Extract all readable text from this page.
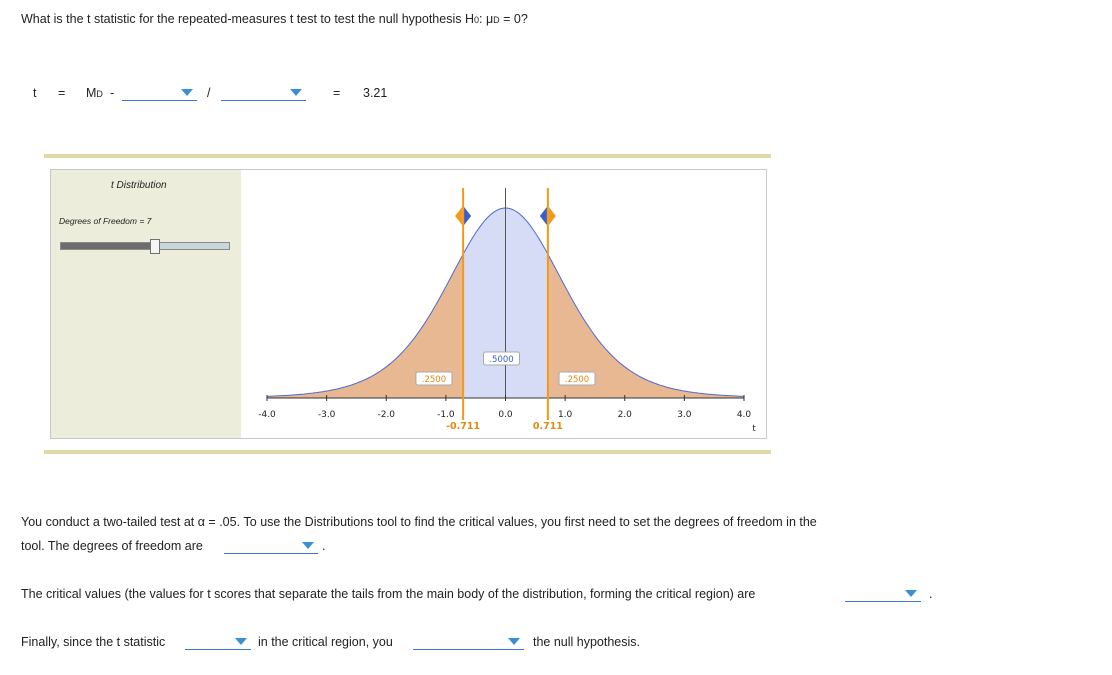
What is the t statistic for the repeated-measures t test to test the null hypothesis H0: μD = 0?
t = MD -	/	= 3.21
t Distribution
Degrees of Freedom = 7
-4.0	-3.0	-2.0	-1.0	0.0	1.0	2.0	3.0	4.0
.5000
.2500	.2500
-0.711	0.711	t
You conduct a two-tailed test at α = .05. To use the Distributions tool to find the critical values, you first need to set the degrees of freedom in the
tool. The degrees of freedom are	.
The critical values (the values for t scores that separate the tails from the main body of the distribution, forming the critical region) are	.
Finally, since the t statistic	in the critical region, you	the null hypothesis.
